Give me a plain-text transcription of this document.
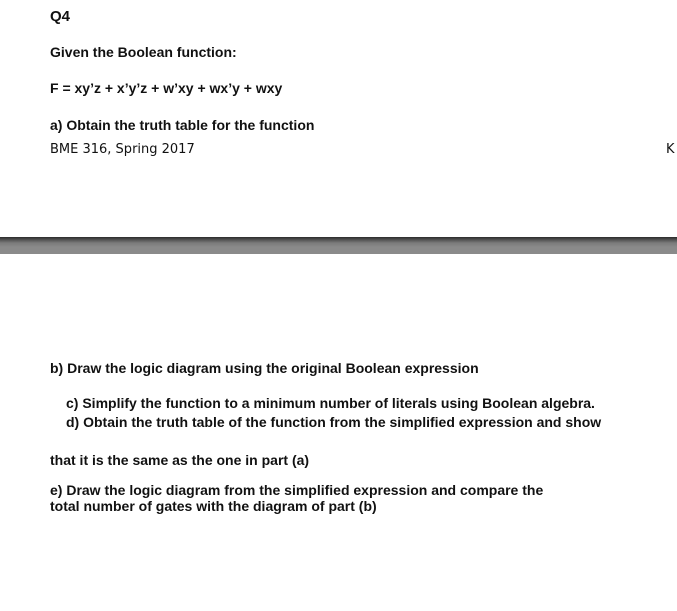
Q4
Given the Boolean function:
F = xy’z + x’y’z + w’xy + wx’y + wxy
a) Obtain the truth table for the function
BME 316, Spring 2017	K
b) Draw the logic diagram using the original Boolean expression
c) Simplify the function to a minimum number of literals using Boolean algebra.
d) Obtain the truth table of the function from the simplified expression and show
that it is the same as the one in part (a)
e) Draw the logic diagram from the simplified expression and compare the
total number of gates with the diagram of part (b)
